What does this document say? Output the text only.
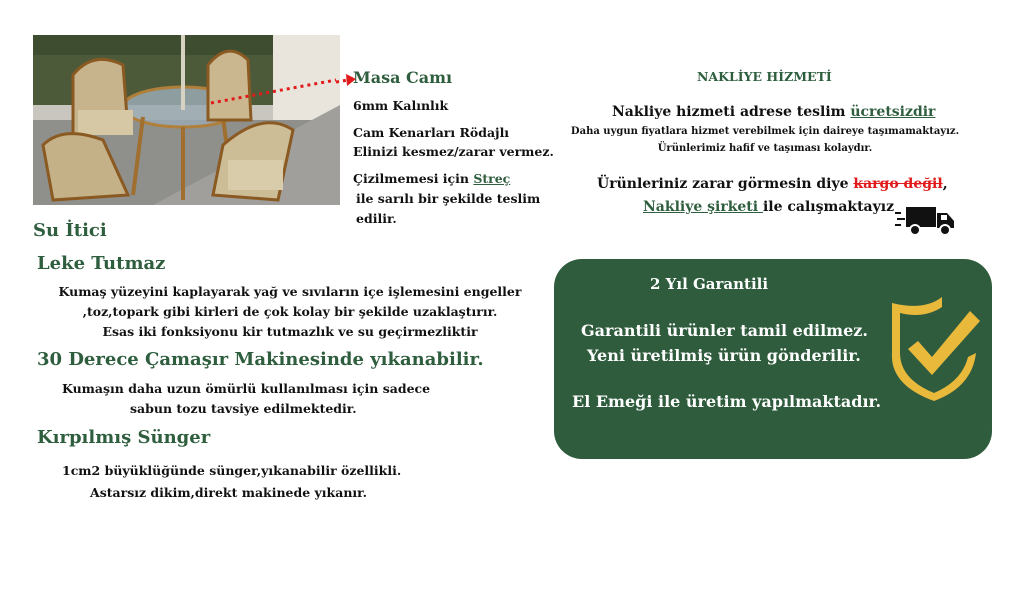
Masa Camı
6mm Kalınlık
Cam Kenarları Rödajlı
Elinizi kesmez/zarar vermez.
Çizilmemesi için Streç
ile sarılı bir şekilde teslim
edilir.
Su İtici
Leke Tutmaz
Kumaş yüzeyini kaplayarak yağ ve sıvıların içe işlemesini engeller
,toz,topark gibi kirleri de çok kolay bir şekilde uzaklaştırır.
Esas iki fonksiyonu kir tutmazlık ve su geçirmezliktir
30 Derece Çamaşır Makinesinde yıkanabilir.
Kumaşın daha uzun ömürlü kullanılması için sadece
sabun tozu tavsiye edilmektedir.
Kırpılmış Sünger
1cm2 büyüklüğünde sünger,yıkanabilir özellikli.
Astarsız dikim,direkt makinede yıkanır.
NAKLİYE HİZMETİ
Nakliye hizmeti adrese teslim ücretsizdir
Daha uygun fiyatlara hizmet verebilmek için daireye taşımamaktayız.
Ürünlerimiz hafif ve taşıması kolaydır.
Ürünleriniz zarar görmesin diye kargo değil,
Nakliye şirketi ile calışmaktayız
2 Yıl Garantili
Garantili ürünler tamil edilmez.
Yeni üretilmiş ürün gönderilir.
El Emeği ile üretim yapılmaktadır.
